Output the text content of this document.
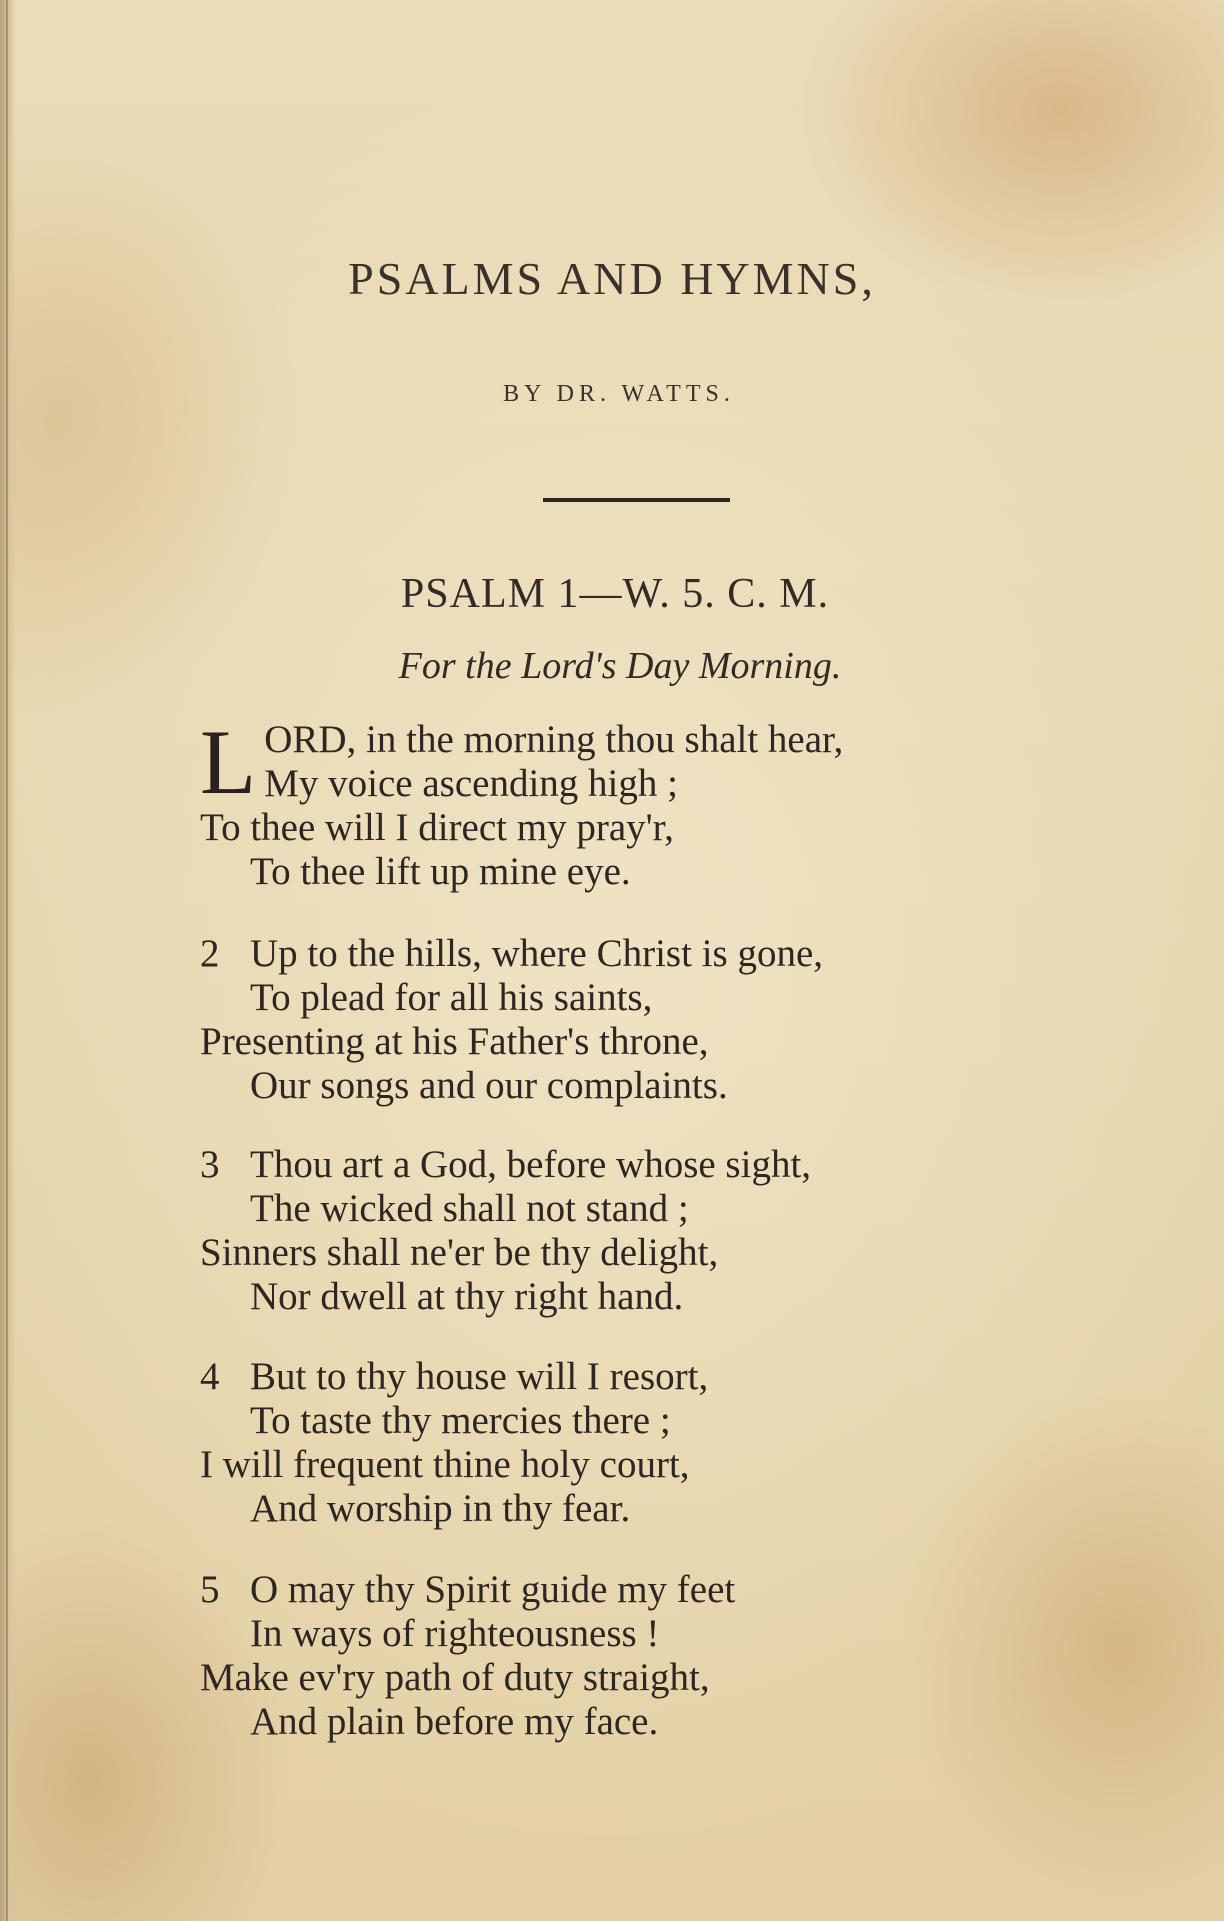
PSALMS AND HYMNS,
BY DR. WATTS.
PSALM 1—W. 5. C. M.
For the Lord's Day Morning.
L ORD, in the morning thou shalt hear,
My voice ascending high ;
To thee will I direct my pray'r,
To thee lift up mine eye.
2 Up to the hills, where Christ is gone,
To plead for all his saints,
Presenting at his Father's throne,
Our songs and our complaints.
3 Thou art a God, before whose sight,
The wicked shall not stand ;
Sinners shall ne'er be thy delight,
Nor dwell at thy right hand.
4 But to thy house will I resort,
To taste thy mercies there ;
I will frequent thine holy court,
And worship in thy fear.
5 O may thy Spirit guide my feet
In ways of righteousness !
Make ev'ry path of duty straight,
And plain before my face.
